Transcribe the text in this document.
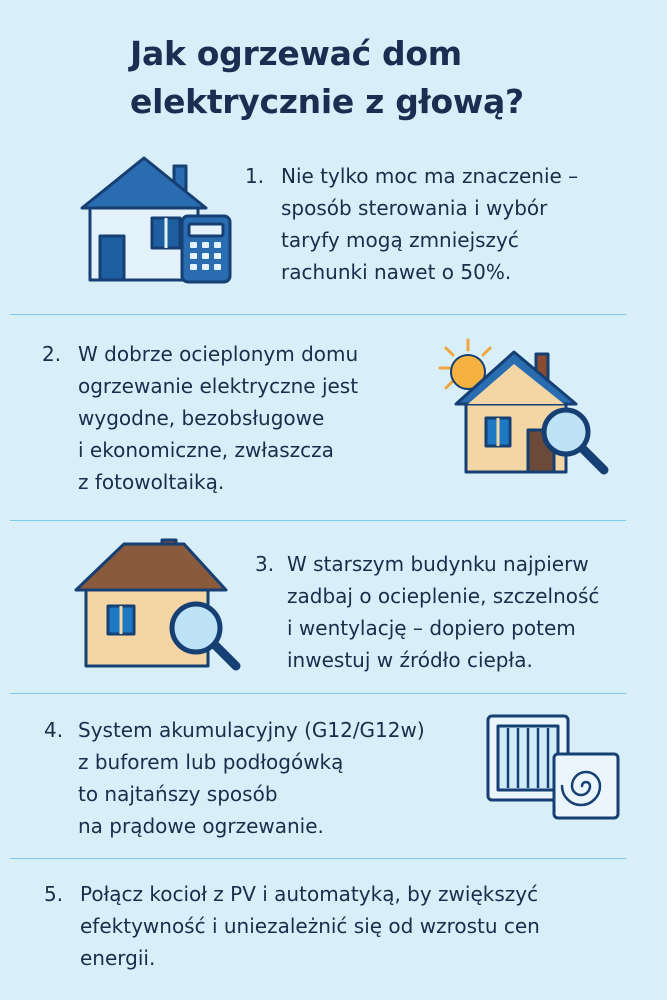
Jak ogrzewać dom
elektrycznie z głową?
1. Nie tylko moc ma znaczenie –
sposób sterowania i wybór
taryfy mogą zmniejszyć
rachunki nawet o 50%.

2. W dobrze ocieplonym domu
ogrzewanie elektryczne jest
wygodne, bezobsługowe
i ekonomiczne, zwłaszcza
z fotowoltaiką.

3. W starszym budynku najpierw
zadbaj o ocieplenie, szczelność
i wentylację – dopiero potem
inwestuj w źródło ciepła.

4. System akumulacyjny (G12/G12w)
z buforem lub podłogówką
to najtańszy sposób
na prądowe ogrzewanie.

5. Połącz kocioł z PV i automatyką, by zwiększyć
efektywność i uniezależnić się od wzrostu cen
energii.
